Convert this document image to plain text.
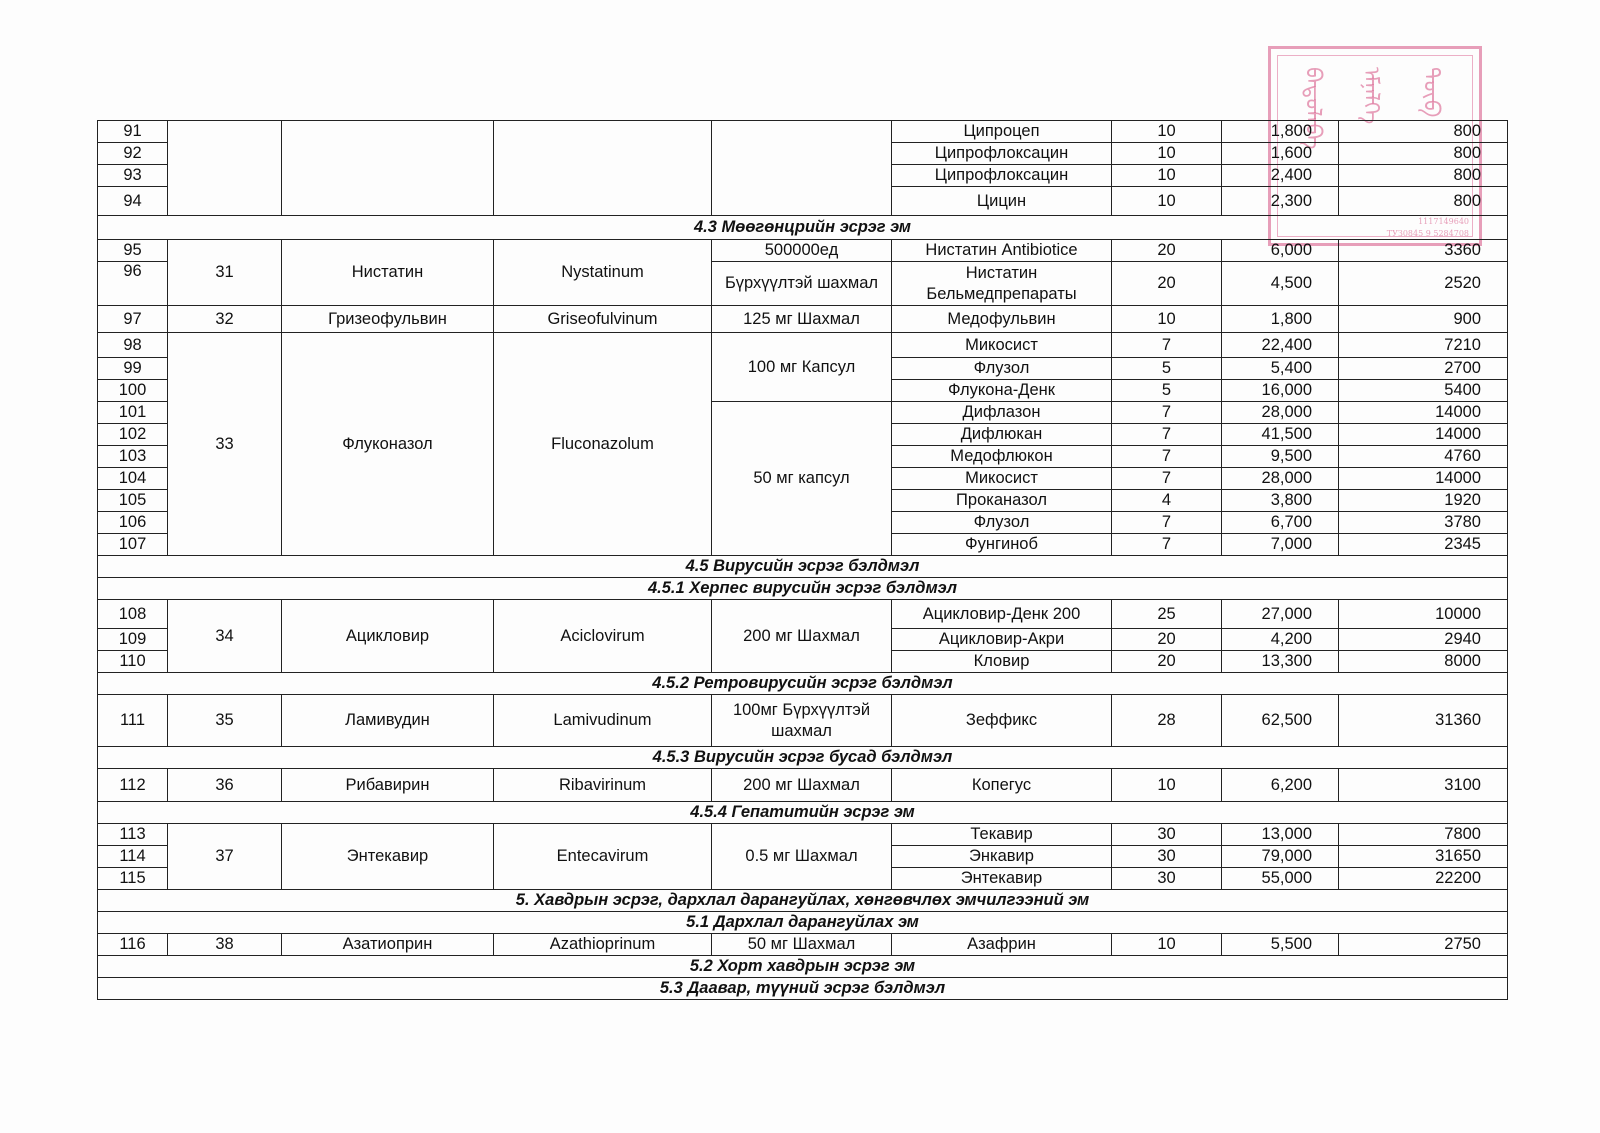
ᠪᠠᠲᠤᠯᠠᠪᠠ	ᠡᠮᠨᠡᠯᠭᠡ	ᠲᠥᠪ
1117149640
ТУЗ0845 9 5284708
91					Ципроцеп	10	1,800	800
92					Ципрофлоксацин	10	1,600	800
93					Ципрофлоксацин	10	2,400	800
94					Цицин	10	2,300	800
4.3 Мөөгөнцрийн эсрэг эм								
95	31	Нистатин	Nystatinum	500000ед	Нистатин Antibiotice	20	6,000	3360
96				Бүрхүүлтэй шахмал	Нистатин Бельмедпрепараты	20	4,500	2520
97	32	Гризеофульвин	Griseofulvinum	125 мг Шахмал	Медофульвин	10	1,800	900
98	33	Флуконазол	Fluconazolum	100 мг Капсул	Микосист	7	22,400	7210
99					Флузол	5	5,400	2700
100					Флукона-Денк	5	16,000	5400
101				50 мг капсул	Дифлазон	7	28,000	14000
102					Дифлюкан	7	41,500	14000
103					Медофлюкон	7	9,500	4760
104					Микосист	7	28,000	14000
105					Проканазол	4	3,800	1920
106					Флузол	7	6,700	3780
107					Фунгиноб	7	7,000	2345
4.5 Вирусийн эсрэг бэлдмэл								
4.5.1 Херпес вирусийн эсрэг бэлдмэл								
108	34	Ацикловир	Aciclovirum	200 мг Шахмал	Ацикловир-Денк 200	25	27,000	10000
109					Ацикловир-Акри	20	4,200	2940
110					Кловир	20	13,300	8000
4.5.2 Ретровирусийн эсрэг бэлдмэл								
111	35	Ламивудин	Lamivudinum	100мг Бүрхүүлтэй шахмал	Зеффикс	28	62,500	31360
4.5.3 Вирусийн эсрэг бусад бэлдмэл								
112	36	Рибавирин	Ribavirinum	200 мг Шахмал	Копегус	10	6,200	3100
4.5.4 Гепатитийн эсрэг эм								
113	37	Энтекавир	Entecavirum	0.5 мг Шахмал	Текавир	30	13,000	7800
114					Энкавир	30	79,000	31650
115					Энтекавир	30	55,000	22200
5. Хавдрын эсрэг, дархлал дарангуйлах, хөнгөвчлөх эмчилгээний эм								
5.1 Дархлал дарангуйлах эм								
116	38	Азатиоприн	Azathioprinum	50 мг Шахмал	Азафрин	10	5,500	2750
5.2 Хорт хавдрын эсрэг эм								
5.3 Даавар, түүний эсрэг бэлдмэл								
